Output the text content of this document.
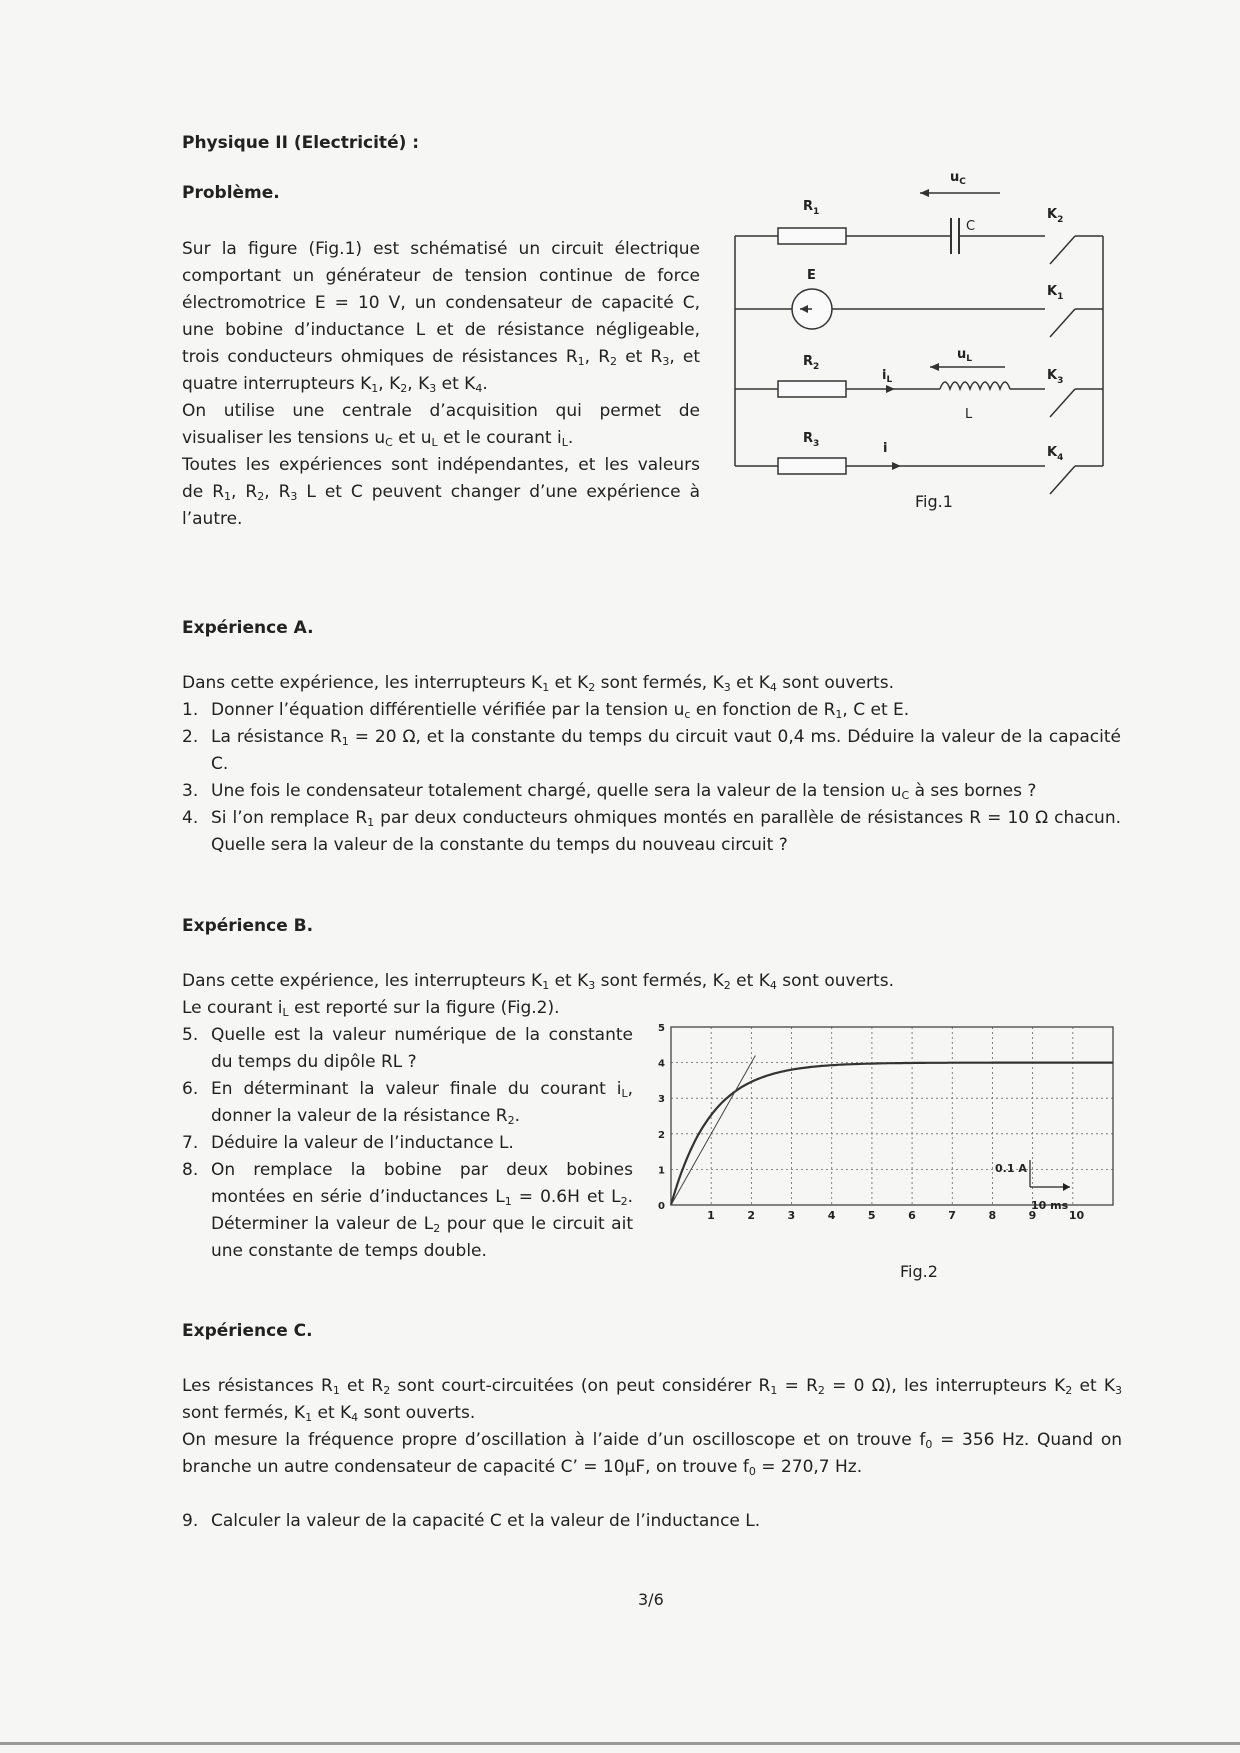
Physique II (Electricité) :
Problème.
Sur la figure (Fig.1) est schématisé un circuit électrique comportant un générateur de tension continue de force électromotrice E = 10 V, un condensateur de capacité C, une bobine d’inductance L et de résistance négligeable, trois conducteurs ohmiques de résistances $R_1$, $R_2$ et $R_3$, et quatre interrupteurs $K_1$, $K_2$, $K_3$ et $K_4$.
On utilise une centrale d’acquisition qui permet de visualiser les tensions $u_C$ et $u_L$ et le courant $i_L$.
Toutes les expériences sont indépendantes, et les valeurs de $R_1$, $R_2$, $R_3$ L et C peuvent changer d’une expérience à l’autre.
$u_C$
$R_1$
C
$K_2$
E
$K_1$
$R_2$
$i_L$
$u_L$
L
$K_3$
$R_3$	i	$K_4$
Fig.1
Expérience A.
Dans cette expérience, les interrupteurs $K_1$ et $K_2$ sont fermés, $K_3$ et $K_4$ sont ouverts.
1. Donner l’équation différentielle vérifiée par la tension $u_c$ en fonction de $R_1$, C et E.
2. La résistance $R_1 = 20$ Ω, et la constante du temps du circuit vaut 0,4 ms. Déduire la valeur de la capacité C.
3. Une fois le condensateur totalement chargé, quelle sera la valeur de la tension $u_C$ à ses bornes ?
4. Si l’on remplace $R_1$ par deux conducteurs ohmiques montés en parallèle de résistances R = 10 Ω chacun. Quelle sera la valeur de la constante du temps du nouveau circuit ?
Expérience B.
Dans cette expérience, les interrupteurs $K_1$ et $K_3$ sont fermés, $K_2$ et $K_4$ sont ouverts.
Le courant $i_L$ est reporté sur la figure (Fig.2).
5. Quelle est la valeur numérique de la constante du temps du dipôle RL ?
6. En déterminant la valeur finale du courant $i_L$, donner la valeur de la résistance $R_2$.
7. Déduire la valeur de l’inductance L.
8. On remplace la bobine par deux bobines montées en série d’inductances $L_1 = 0.6H$ et $L_2$. Déterminer la valeur de $L_2$ pour que le circuit ait une constante de temps double.
1	2	3	4	5	6	7	8	9	10
0
1
2
3
4
5
0.1 A
10 ms
Fig.2
Expérience C.
Les résistances $R_1$ et $R_2$ sont court-circuitées (on peut considérer $R_1 = R_2 = 0$ Ω), les interrupteurs $K_2$ et $K_3$ sont fermés, $K_1$ et $K_4$ sont ouverts.
On mesure la fréquence propre d’oscillation à l’aide d’un oscilloscope et on trouve $f_0 = 356$ Hz. Quand on branche un autre condensateur de capacité C’ = 10µF, on trouve $f_0 = 270,7$ Hz.
9. Calculer la valeur de la capacité C et la valeur de l’inductance L.
3/6
